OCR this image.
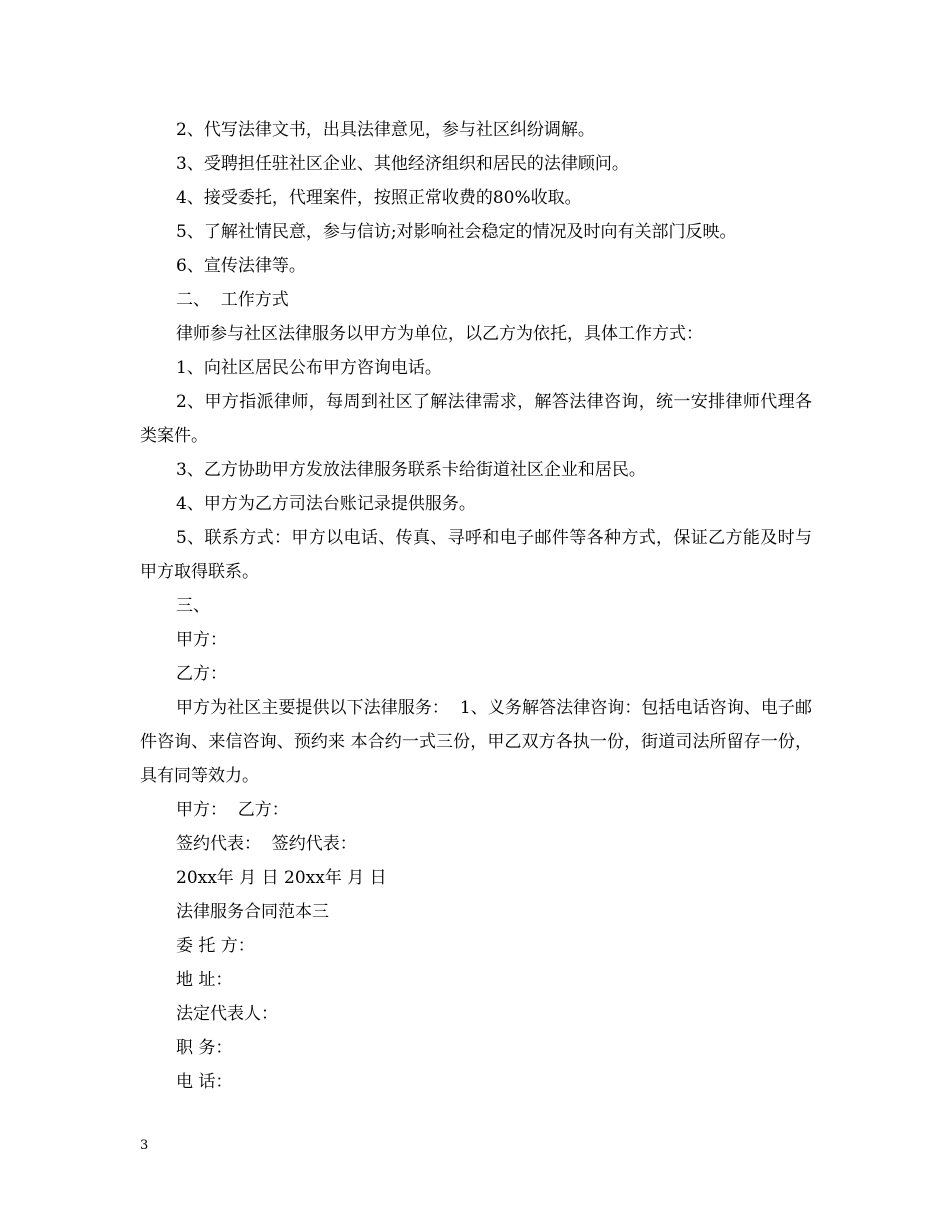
2、代写法律文书，出具法律意见，参与社区纠纷调解。

3、受聘担任驻社区企业、其他经济组织和居民的法律顾问。

4、接受委托，代理案件，按照正常收费的80%收取。

5、了解社情民意，参与信访;对影响社会稳定的情况及时向有关部门反映。

6、宣传法律等。

二、  工作方式

律师参与社区法律服务以甲方为单位，以乙方为依托，具体工作方式：

1、向社区居民公布甲方咨询电话。

2、甲方指派律师，每周到社区了解法律需求，解答法律咨询，统一安排律师代理各类案件。

3、乙方协助甲方发放法律服务联系卡给街道社区企业和居民。

4、甲方为乙方司法台账记录提供服务。

5、联系方式：甲方以电话、传真、寻呼和电子邮件等各种方式，保证乙方能及时与甲方取得联系。

三、

甲方：

乙方：

甲方为社区主要提供以下法律服务：  1、义务解答法律咨询：包括电话咨询、电子邮件咨询、来信咨询、预约来 本合约一式三份，甲乙双方各执一份，街道司法所留存一份，具有同等效力。

甲方：  乙方：

签约代表：  签约代表：

20xx年 月 日 20xx年 月 日

法律服务合同范本三

委 托 方：

地 址：

法定代表人：

职 务：

电 话：

3
